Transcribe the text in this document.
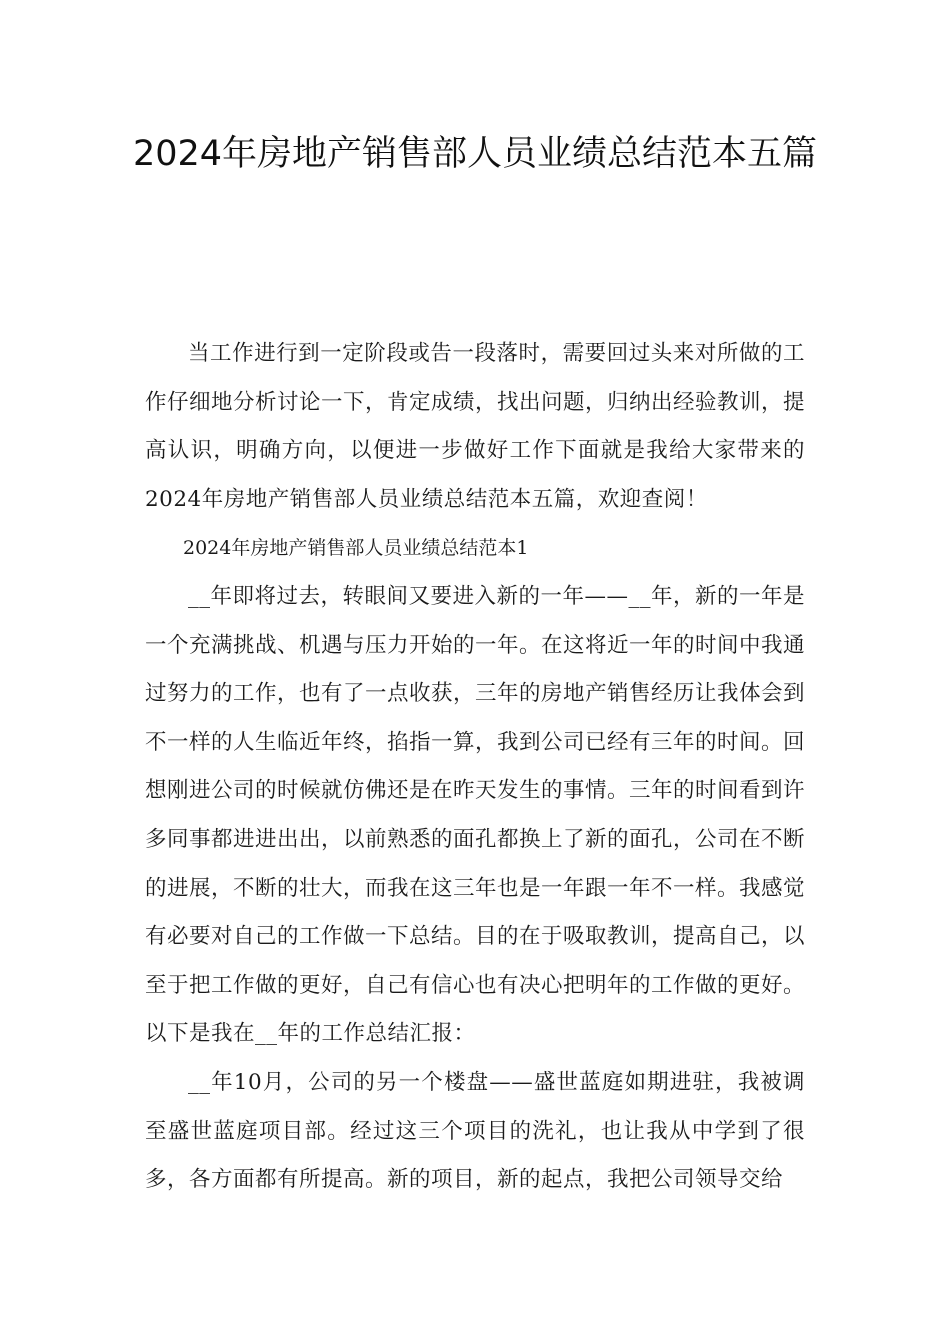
2024年房地产销售部人员业绩总结范本五篇

当工作进行到一定阶段或告一段落时，需要回过头来对所做的工作仔细地分析讨论一下，肯定成绩，找出问题，归纳出经验教训，提高认识，明确方向，以便进一步做好工作下面就是我给大家带来的2024年房地产销售部人员业绩总结范本五篇，欢迎查阅！

2024年房地产销售部人员业绩总结范本1

__年即将过去，转眼间又要进入新的一年——__年，新的一年是一个充满挑战、机遇与压力开始的一年。在这将近一年的时间中我通过努力的工作，也有了一点收获，三年的房地产销售经历让我体会到不一样的人生临近年终，掐指一算，我到公司已经有三年的时间。回想刚进公司的时候就仿佛还是在昨天发生的事情。三年的时间看到许多同事都进进出出，以前熟悉的面孔都换上了新的面孔，公司在不断的进展，不断的壮大，而我在这三年也是一年跟一年不一样。我感觉有必要对自己的工作做一下总结。目的在于吸取教训，提高自己，以至于把工作做的更好，自己有信心也有决心把明年的工作做的更好。以下是我在__年的工作总结汇报：

__年10月，公司的另一个楼盘——盛世蓝庭如期进驻，我被调至盛世蓝庭项目部。经过这三个项目的洗礼，也让我从中学到了很多，各方面都有所提高。新的项目，新的起点，我把公司领导交给
